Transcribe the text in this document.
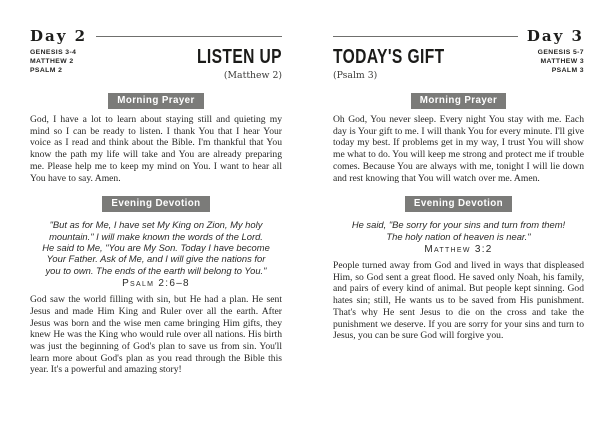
Day 2
GENESIS 3-4
MATTHEW 2
PSALM 2
LISTEN UP
(Matthew 2)
Morning Prayer

God, I have a lot to learn about staying still and quieting my mind so I can be ready to listen. I thank You that I hear Your voice as I read and think about the Bible. I'm thankful that You know the path my life will take and You are already preparing me. Please help me to keep my mind on You. I want to hear all You have to say. Amen.

Evening Devotion
"But as for Me, I have set My King on Zion, My holy mountain." I will make known the words of the Lord. He said to Me, "You are My Son. Today I have become Your Father. Ask of Me, and I will give the nations for you to own. The ends of the earth will belong to You."
Psalm 2:6–8

God saw the world filling with sin, but He had a plan. He sent Jesus and made Him King and Ruler over all the earth. After Jesus was born and the wise men came bringing Him gifts, they knew He was the King who would rule over all nations. His birth was just the beginning of God's plan to save us from sin. You'll learn more about God's plan as you read through the Bible this year. It's a powerful and amazing story!

Day 3
TODAY'S GIFT
(Psalm 3)
GENESIS 5-7
MATTHEW 3
PSALM 3
Morning Prayer

Oh God, You never sleep. Every night You stay with me. Each day is Your gift to me. I will thank You for every minute. I'll give today my best. If problems get in my way, I trust You will show me what to do. You will keep me strong and protect me if trouble comes. Because You are always with me, tonight I will lie down and rest knowing that You will watch over me. Amen.

Evening Devotion
He said, "Be sorry for your sins and turn from them! The holy nation of heaven is near."
Matthew 3:2

People turned away from God and lived in ways that displeased Him, so God sent a great flood. He saved only Noah, his family, and pairs of every kind of animal. But people kept sinning. God hates sin; still, He wants us to be saved from His punishment. That's why He sent Jesus to die on the cross and take the punishment we deserve. If you are sorry for your sins and turn to Jesus, you can be sure God will forgive you.
